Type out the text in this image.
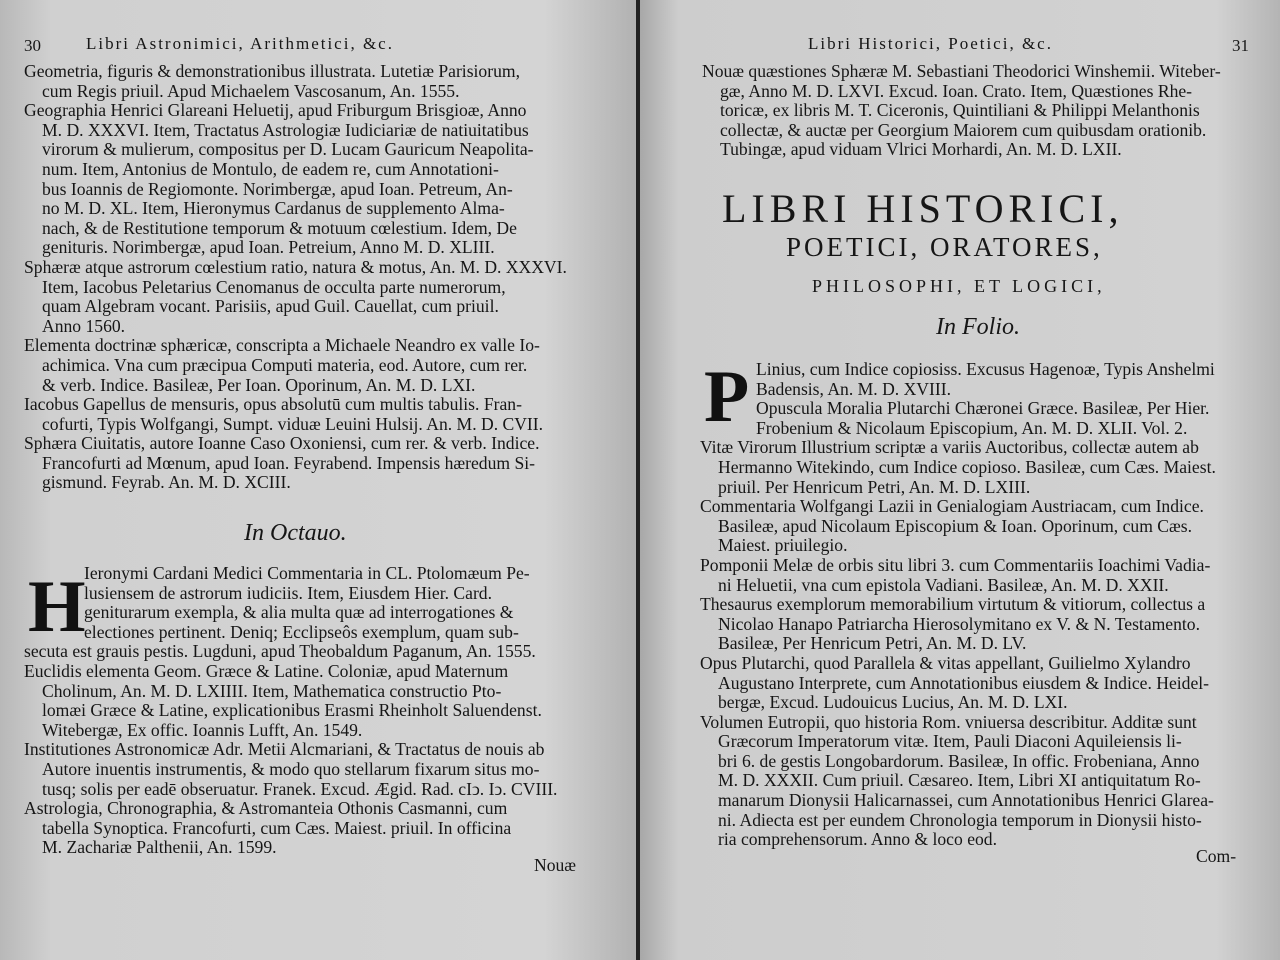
30	Libri Astronimici, Arithmetici, &c.
Geometria, figuris & demonstrationibus illustrata. Lutetiæ Parisiorum,
cum Regis priuil. Apud Michaelem Vascosanum, An. 1555.
Geographia Henrici Glareani Heluetij, apud Friburgum Brisgioæ, Anno
M. D. XXXVI. Item, Tractatus Astrologiæ Iudiciariæ de natiuitatibus
virorum & mulierum, compositus per D. Lucam Gauricum Neapolita-
num. Item, Antonius de Montulo, de eadem re, cum Annotationi-
bus Ioannis de Regiomonte. Norimbergæ, apud Ioan. Petreum, An-
no M. D. XL. Item, Hieronymus Cardanus de supplemento Alma-
nach, & de Restitutione temporum & motuum cœlestium. Idem, De
genituris. Norimbergæ, apud Ioan. Petreium, Anno M. D. XLIII.
Sphæræ atque astrorum cœlestium ratio, natura & motus, An. M. D. XXXVI.
Item, Iacobus Peletarius Cenomanus de occulta parte numerorum,
quam Algebram vocant. Parisiis, apud Guil. Cauellat, cum priuil.
Anno 1560.
Elementa doctrinæ sphæricæ, conscripta a Michaele Neandro ex valle Io-
achimica. Vna cum præcipua Computi materia, eod. Autore, cum rer.
& verb. Indice. Basileæ, Per Ioan. Oporinum, An. M. D. LXI.
Iacobus Gapellus de mensuris, opus absolutū cum multis tabulis. Fran-
cofurti, Typis Wolfgangi, Sumpt. viduæ Leuini Hulsij. An. M. D. CVII.
Sphæra Ciuitatis, autore Ioanne Caso Oxoniensi, cum rer. & verb. Indice.
Francofurti ad Mœnum, apud Ioan. Feyrabend. Impensis hæredum Si-
gismund. Feyrab. An. M. D. XCIII.
In Octauo.
H
Ieronymi Cardani Medici Commentaria in CL. Ptolomæum Pe-
lusiensem de astrorum iudiciis. Item, Eiusdem Hier. Card.
geniturarum exempla, & alia multa quæ ad interrogationes &
electiones pertinent. Deniq; Ecclipseôs exemplum, quam sub-
secuta est grauis pestis. Lugduni, apud Theobaldum Paganum, An. 1555.
Euclidis elementa Geom. Græce & Latine. Coloniæ, apud Maternum
Cholinum, An. M. D. LXIIII. Item, Mathematica constructio Pto-
lomæi Græce & Latine, explicationibus Erasmi Rheinholt Saluendenst.
Witebergæ, Ex offic. Ioannis Lufft, An. 1549.
Institutiones Astronomicæ Adr. Metii Alcmariani, & Tractatus de nouis ab
Autore inuentis instrumentis, & modo quo stellarum fixarum situs mo-
tusq; solis per eadē obseruatur. Franek. Excud. Ægid. Rad. cIↄ. Iↄ. CVIII.
Astrologia, Chronographia, & Astromanteia Othonis Casmanni, cum
tabella Synoptica. Francofurti, cum Cæs. Maiest. priuil. In officina
M. Zachariæ Palthenii, An. 1599.
Nouæ
Libri Historici, Poetici, &c.	31
Nouæ quæstiones Sphæræ M. Sebastiani Theodorici Winshemii. Witeber-
gæ, Anno M. D. LXVI. Excud. Ioan. Crato. Item, Quæstiones Rhe-
toricæ, ex libris M. T. Ciceronis, Quintiliani & Philippi Melanthonis
collectæ, & auctæ per Georgium Maiorem cum quibusdam orationib.
Tubingæ, apud viduam Vlrici Morhardi, An. M. D. LXII.
LIBRI HISTORICI,
POETICI, ORATORES,
PHILOSOPHI, ET LOGICI,
In Folio.
P Linius, cum Indice copiosiss. Excusus Hagenoæ, Typis Anshelmi
Badensis, An. M. D. XVIII.
Opuscula Moralia Plutarchi Chæronei Græce. Basileæ, Per Hier.
Frobenium & Nicolaum Episcopium, An. M. D. XLII. Vol. 2.
Vitæ Virorum Illustrium scriptæ a variis Auctoribus, collectæ autem ab
Hermanno Witekindo, cum Indice copioso. Basileæ, cum Cæs. Maiest.
priuil. Per Henricum Petri, An. M. D. LXIII.
Commentaria Wolfgangi Lazii in Genialogiam Austriacam, cum Indice.
Basileæ, apud Nicolaum Episcopium & Ioan. Oporinum, cum Cæs.
Maiest. priuilegio.
Pomponii Melæ de orbis situ libri 3. cum Commentariis Ioachimi Vadia-
ni Heluetii, vna cum epistola Vadiani. Basileæ, An. M. D. XXII.
Thesaurus exemplorum memorabilium virtutum & vitiorum, collectus a
Nicolao Hanapo Patriarcha Hierosolymitano ex V. & N. Testamento.
Basileæ, Per Henricum Petri, An. M. D. LV.
Opus Plutarchi, quod Parallela & vitas appellant, Guilielmo Xylandro
Augustano Interprete, cum Annotationibus eiusdem & Indice. Heidel-
bergæ, Excud. Ludouicus Lucius, An. M. D. LXI.
Volumen Eutropii, quo historia Rom. vniuersa describitur. Additæ sunt
Græcorum Imperatorum vitæ. Item, Pauli Diaconi Aquileiensis li-
bri 6. de gestis Longobardorum. Basileæ, In offic. Frobeniana, Anno
M. D. XXXII. Cum priuil. Cæsareo. Item, Libri XI antiquitatum Ro-
manarum Dionysii Halicarnassei, cum Annotationibus Henrici Glarea-
ni. Adiecta est per eundem Chronologia temporum in Dionysii histo-
ria comprehensorum. Anno & loco eod.
Com-
